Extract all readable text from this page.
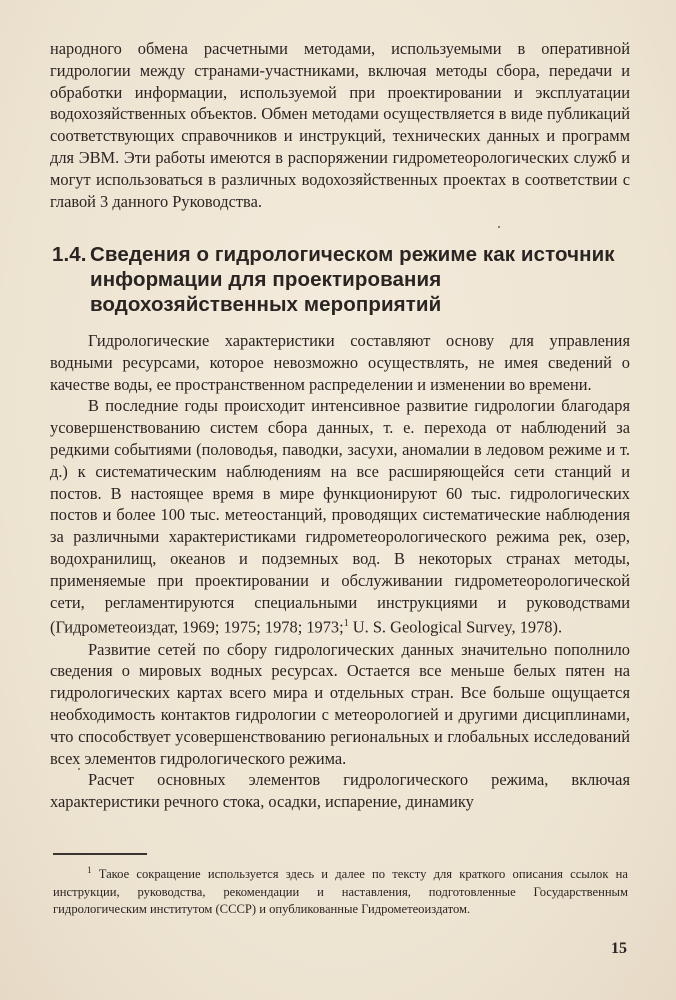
народного обмена расчетными методами, используемыми в оперативной гидрологии между странами-участниками, включая методы сбора, передачи и обработки информации, используемой при проектировании и эксплуатации водохозяйственных объектов. Обмен методами осуществляется в виде публикаций соответствующих справочников и инструкций, технических данных и программ для ЭВМ. Эти работы имеются в распоряжении гидрометеорологических служб и могут использоваться в различных водохозяйственных проектах в соответствии с главой 3 данного Руководства.

1.4. Сведения о гидрологическом режиме как источник
информации для проектирования
водохозяйственных мероприятий

Гидрологические характеристики составляют основу для управления водными ресурсами, которое невозможно осуществлять, не имея сведений о качестве воды, ее пространственном распределении и изменении во времени.

В последние годы происходит интенсивное развитие гидрологии благодаря усовершенствованию систем сбора данных, т. е. перехода от наблюдений за редкими событиями (половодья, паводки, засухи, аномалии в ледовом режиме и т. д.) к систематическим наблюдениям на все расширяющейся сети станций и постов. В настоящее время в мире функционируют 60 тыс. гидрологических постов и более 100 тыс. метеостанций, проводящих систематические наблюдения за различными характеристиками гидрометеорологического режима рек, озер, водохранилищ, океанов и подземных вод. В некоторых странах методы, применяемые при проектировании и обслуживании гидрометеорологической сети, регламентируются специальными инструкциями и руководствами (Гидрометеоиздат, 1969; 1975; 1978; 1973;$^1$ U. S. Geological Survey, 1978).

Развитие сетей по сбору гидрологических данных значительно пополнило сведения о мировых водных ресурсах. Остается все меньше белых пятен на гидрологических картах всего мира и отдельных стран. Все больше ощущается необходимость контактов гидрологии с метеорологией и другими дисциплинами, что способствует усовершенствованию региональных и глобальных исследований всех элементов гидрологического режима.

Расчет основных элементов гидрологического режима, включая характеристики речного стока, осадки, испарение, динамику

$^1$ Такое сокращение используется здесь и далее по тексту для краткого описания ссылок на инструкции, руководства, рекомендации и наставления, подготовленные Государственным гидрологическим институтом (СССР) и опубликованные Гидрометеоиздатом.

15
